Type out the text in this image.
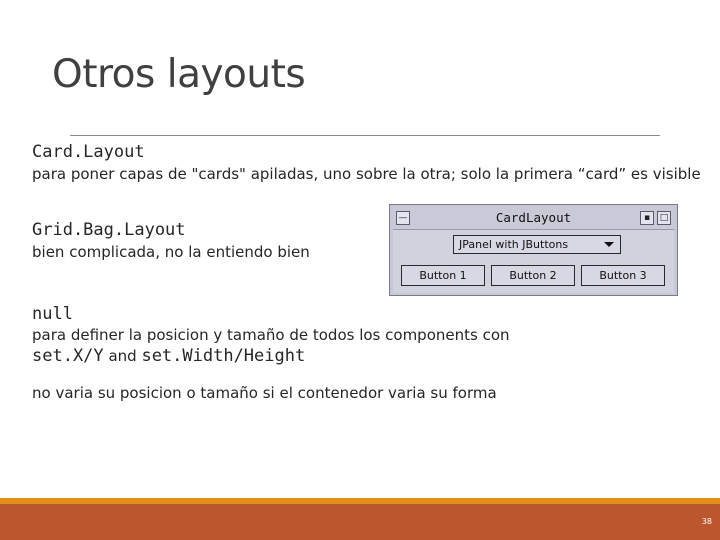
Otros layouts
Card.Layout
para poner capas de "cards" apiladas, uno sobre la otra; solo la primera “card” es visible
Grid.Bag.Layout
bien complicada, no la entiendo bien
—	CardLayout	▪	□
JPanel with JButtons
Button 1	Button 2	Button 3
null
para definer la posicion y tamaño de todos los components con
set.X/Y and set.Width/Height
no varia su posicion o tamaño si el contenedor varia su forma
38
